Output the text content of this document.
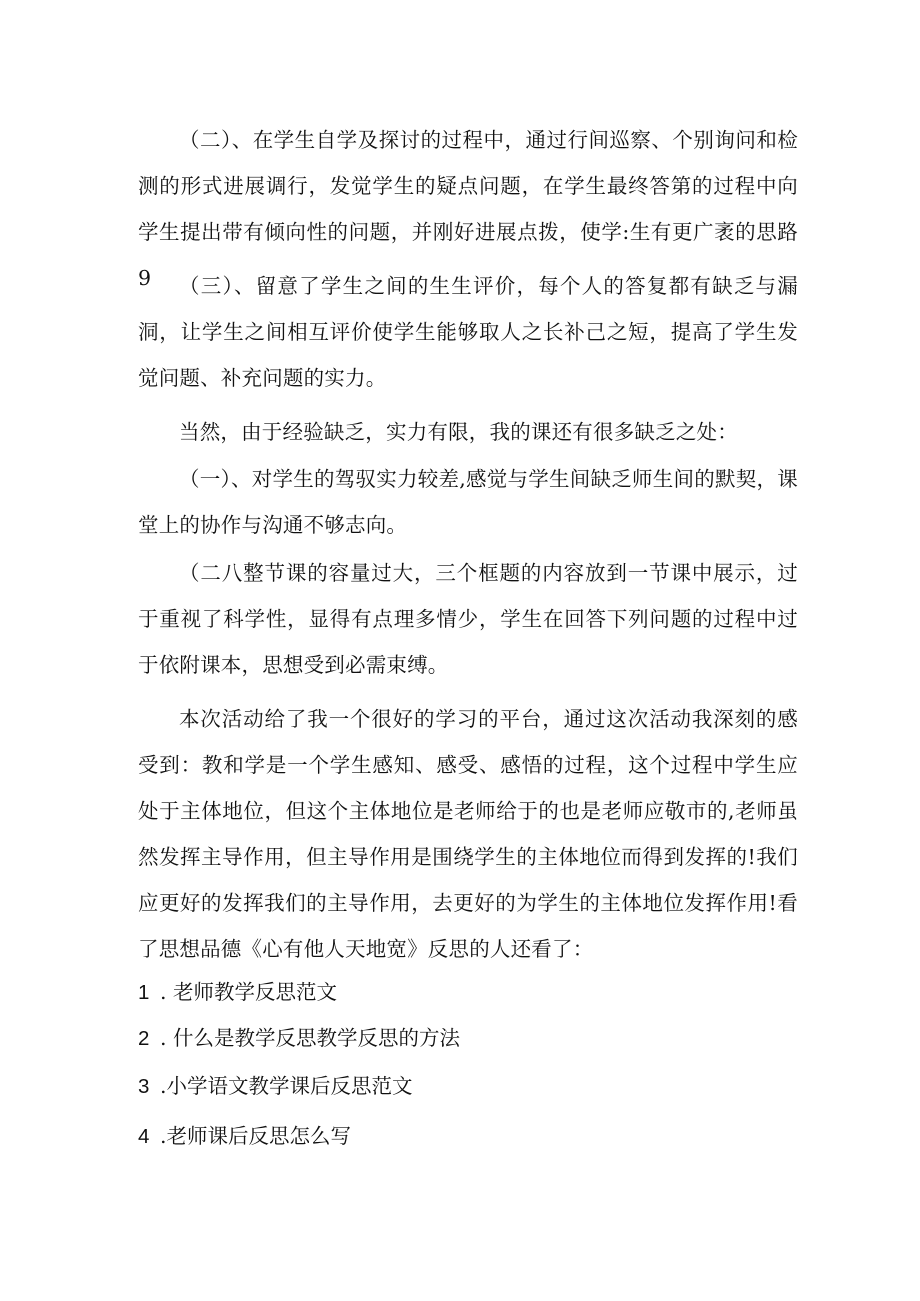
（二）、在学生自学及探讨的过程中，通过行间巡察、个别询问和检测的形式进展调行，发觉学生的疑点问题，在学生最终答第的过程中向学生提出带有倾向性的问题，并刚好进展点拨，使学:生有更广袤的思路9	（三）、留意了学生之间的生生评价，每个人的答复都有缺乏与漏洞，让学生之间相互评价使学生能够取人之长补己之短，提高了学生发觉问题、补充问题的实力。

当然，由于经验缺乏，实力有限，我的课还有很多缺乏之处：

（一）、对学生的驾驭实力较差,感觉与学生间缺乏师生间的默契，课堂上的协作与沟通不够志向。

（二八整节课的容量过大，三个框题的内容放到一节课中展示，过于重视了科学性，显得有点理多情少，学生在回答下列问题的过程中过于依附课本，思想受到必需束缚。

本次活动给了我一个很好的学习的平台，通过这次活动我深刻的感受到：教和学是一个学生感知、感受、感悟的过程，这个过程中学生应处于主体地位，但这个主体地位是老师给于的也是老师应敬市的,老师虽然发挥主导作用，但主导作用是围绕学生的主体地位而得到发挥的!我们应更好的发挥我们的主导作用，去更好的为学生的主体地位发挥作用!看了思想品德《心有他人天地宽》反思的人还看了：

1 . 老师教学反思范文
2 . 什么是教学反思教学反思的方法
3 .小学语文教学课后反思范文
4 .老师课后反思怎么写
